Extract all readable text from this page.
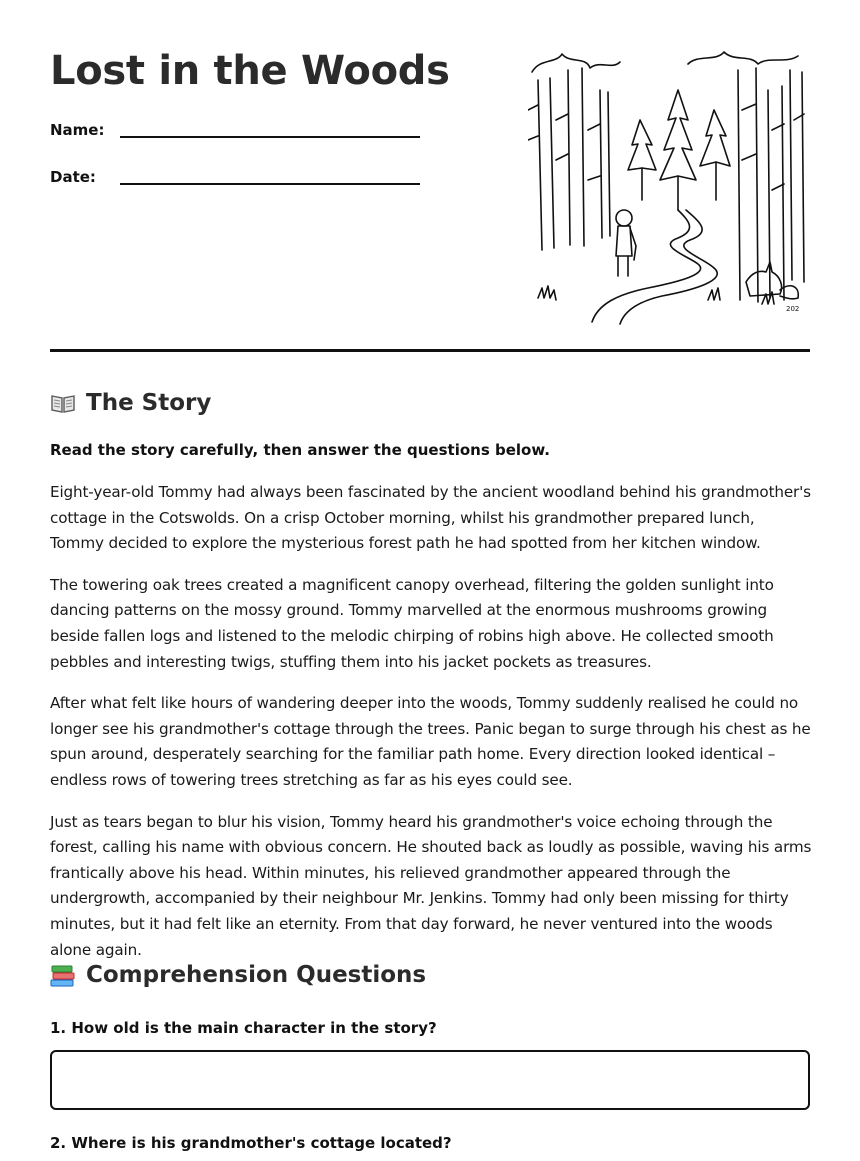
Lost in the Woods
Name:
Date:
202
The Story
Read the story carefully, then answer the questions below.

Eight-year-old Tommy had always been fascinated by the ancient woodland behind his grandmother's cottage in the Cotswolds. On a crisp October morning, whilst his grandmother prepared lunch, Tommy decided to explore the mysterious forest path he had spotted from her kitchen window.

The towering oak trees created a magnificent canopy overhead, filtering the golden sunlight into dancing patterns on the mossy ground. Tommy marvelled at the enormous mushrooms growing beside fallen logs and listened to the melodic chirping of robins high above. He collected smooth pebbles and interesting twigs, stuffing them into his jacket pockets as treasures.

After what felt like hours of wandering deeper into the woods, Tommy suddenly realised he could no longer see his grandmother's cottage through the trees. Panic began to surge through his chest as he spun around, desperately searching for the familiar path home. Every direction looked identical – endless rows of towering trees stretching as far as his eyes could see.

Just as tears began to blur his vision, Tommy heard his grandmother's voice echoing through the forest, calling his name with obvious concern. He shouted back as loudly as possible, waving his arms frantically above his head. Within minutes, his relieved grandmother appeared through the undergrowth, accompanied by their neighbour Mr. Jenkins. Tommy had only been missing for thirty minutes, but it had felt like an eternity. From that day forward, he never ventured into the woods alone again.

Comprehension Questions
1. How old is the main character in the story?
2. Where is his grandmother's cottage located?
